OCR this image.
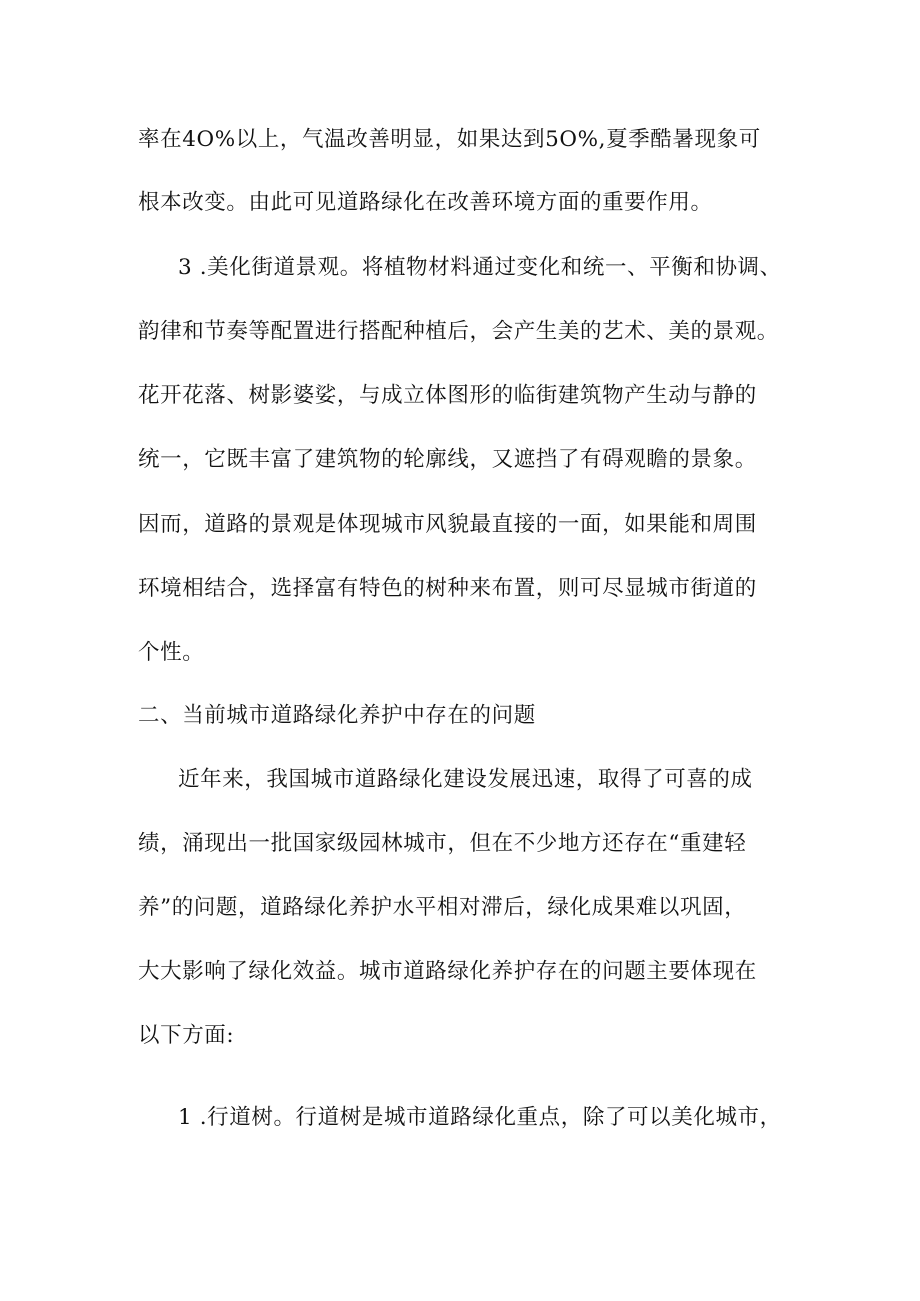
率在4O%以上，气温改善明显，如果达到5O%,夏季酷暑现象可
根本改变。由此可见道路绿化在改善环境方面的重要作用。
3 .美化街道景观。将植物材料通过变化和统一、平衡和协调、
韵律和节奏等配置进行搭配种植后，会产生美的艺术、美的景观。
花开花落、树影婆娑，与成立体图形的临街建筑物产生动与静的
统一，它既丰富了建筑物的轮廓线，又遮挡了有碍观瞻的景象。
因而，道路的景观是体现城市风貌最直接的一面，如果能和周围
环境相结合，选择富有特色的树种来布置，则可尽显城市街道的
个性。
二、当前城市道路绿化养护中存在的问题
近年来，我国城市道路绿化建设发展迅速，取得了可喜的成
绩，涌现出一批国家级园林城市，但在不少地方还存在“重建轻
养”的问题，道路绿化养护水平相对滞后，绿化成果难以巩固，
大大影响了绿化效益。城市道路绿化养护存在的问题主要体现在
以下方面:
1 .行道树。行道树是城市道路绿化重点，除了可以美化城市，
